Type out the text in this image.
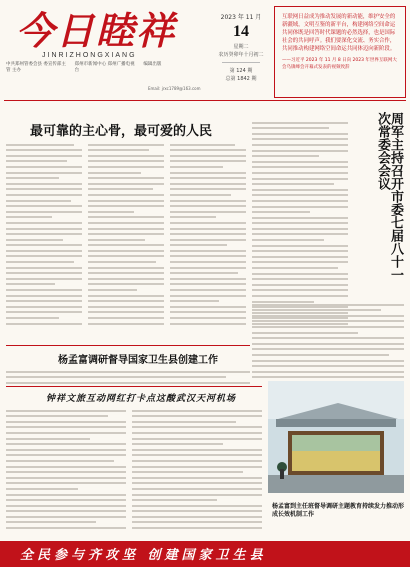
今日睦祥
JINRIZHONGXIANG
中共郑州管委会县 委宣传部主管 主办
郑州市新闻中心 郑州广播电视台
编辑出版
Email: jrxc1789@163.com
2023 年 11 月
14
星期二
农历癸卯年十月初二
第 124 期
总第 1842 期

互联网日益成为推动发展的新动能，维护安全的新疆域，文明互鉴的新平台，构建网络空间命运共同体既是回答时代课题的必然选择，也是国际社会的共同呼声。我们要深化交流、务实合作，共同推动构建网络空间命运共同体迈向新阶段。

——习近平 2023 年 11 月 8 日向 2023 年世界互联网大会乌镇峰会开幕式发表的视频致辞

最可靠的主心骨，最可爱的人民	周军主持召开市委七届八十一次常委会会议
杨孟富调研督导国家卫生县创建工作
钟祥文旅互动网红打卡点这酸武汉天河机场
杨孟富到主任班督导调研主题教育持续发力推动形成长效机制工作
全民参与齐攻坚 创建国家卫生县
